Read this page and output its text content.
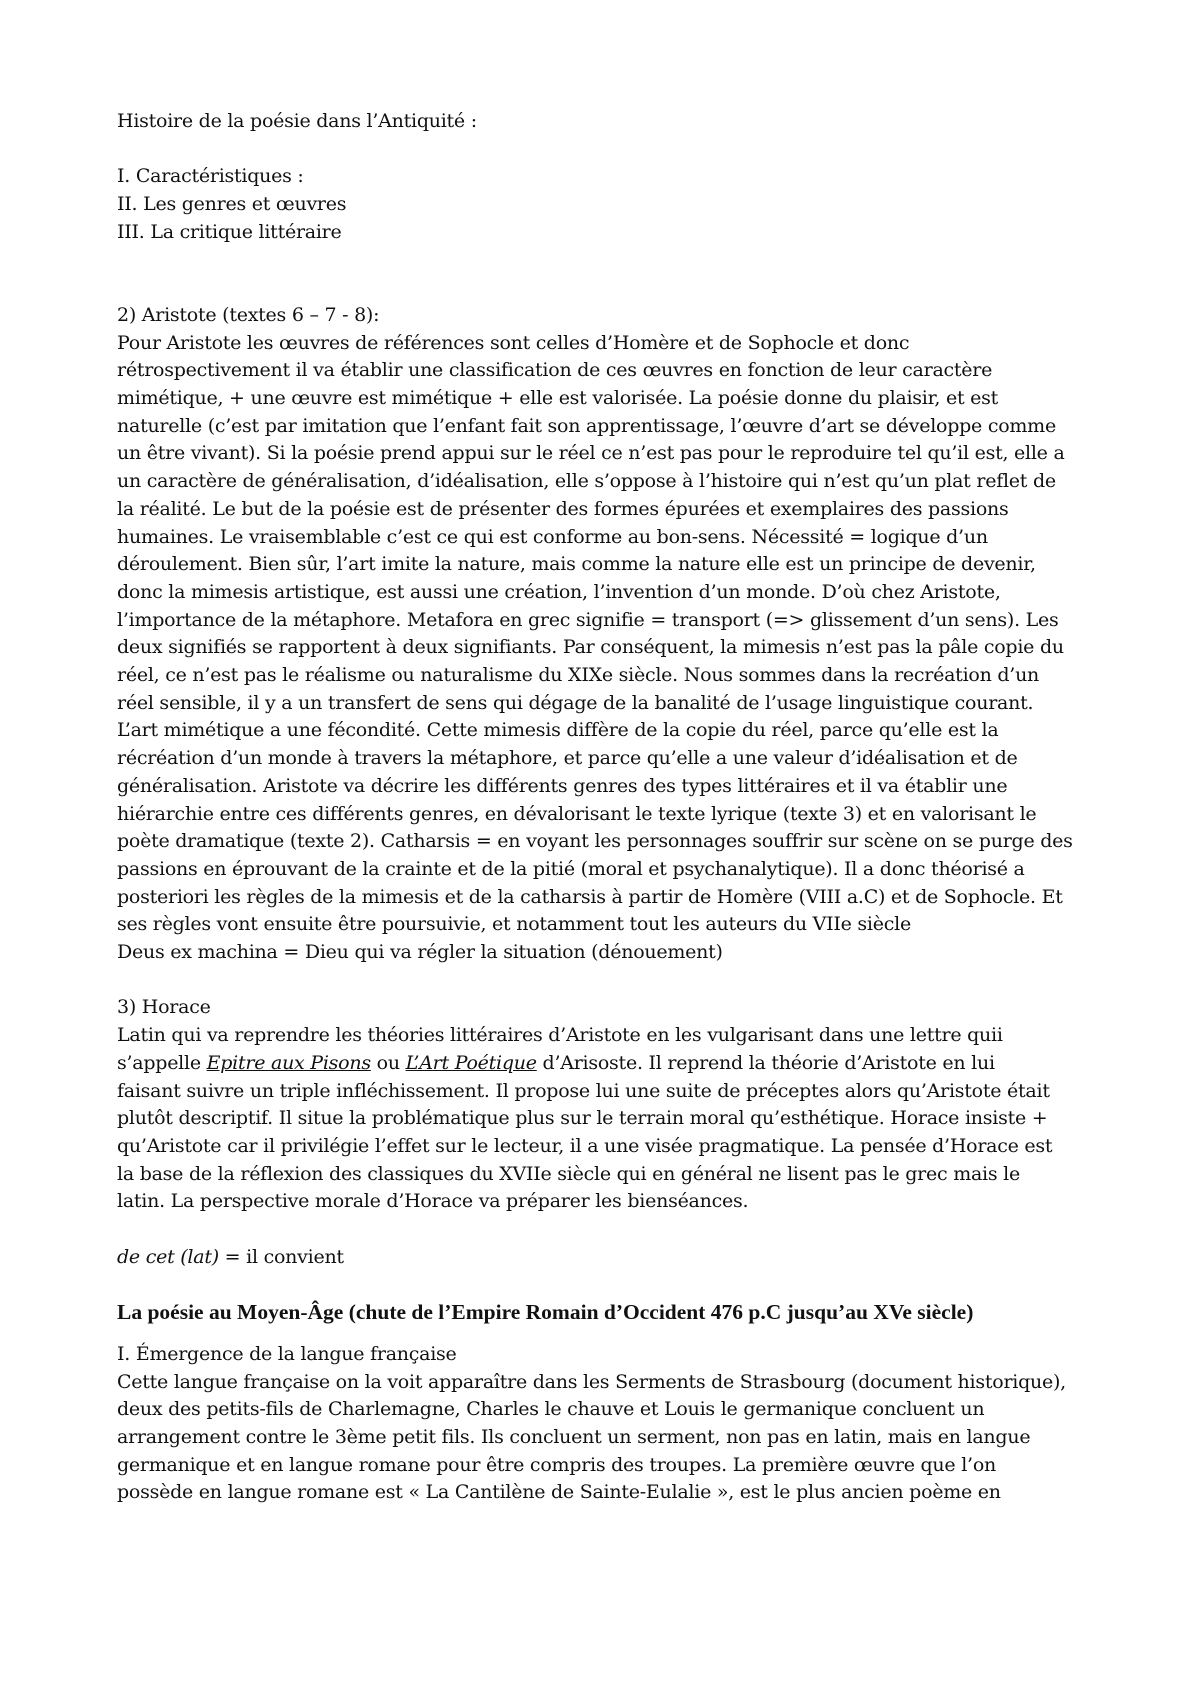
Histoire de la poésie dans l’Antiquité :
I. Caractéristiques :
II. Les genres et œuvres
III. La critique littéraire
2) Aristote (textes 6 – 7 - 8):
Pour Aristote les œuvres de références sont celles d’Homère et de Sophocle et donc
rétrospectivement il va établir une classification de ces œuvres en fonction de leur caractère
mimétique, + une œuvre est mimétique + elle est valorisée. La poésie donne du plaisir, et est
naturelle (c’est par imitation que l’enfant fait son apprentissage, l’œuvre d’art se développe comme
un être vivant). Si la poésie prend appui sur le réel ce n’est pas pour le reproduire tel qu’il est, elle a
un caractère de généralisation, d’idéalisation, elle s’oppose à l’histoire qui n’est qu’un plat reflet de
la réalité. Le but de la poésie est de présenter des formes épurées et exemplaires des passions
humaines. Le vraisemblable c’est ce qui est conforme au bon-sens. Nécessité = logique d’un
déroulement. Bien sûr, l’art imite la nature, mais comme la nature elle est un principe de devenir,
donc la mimesis artistique, est aussi une création, l’invention d’un monde. D’où chez Aristote,
l’importance de la métaphore. Metafora en grec signifie = transport (=> glissement d’un sens). Les
deux signifiés se rapportent à deux signifiants. Par conséquent, la mimesis n’est pas la pâle copie du
réel, ce n’est pas le réalisme ou naturalisme du XIXe siècle. Nous sommes dans la recréation d’un
réel sensible, il y a un transfert de sens qui dégage de la banalité de l’usage linguistique courant.
L’art mimétique a une fécondité. Cette mimesis diffère de la copie du réel, parce qu’elle est la
récréation d’un monde à travers la métaphore, et parce qu’elle a une valeur d’idéalisation et de
généralisation. Aristote va décrire les différents genres des types littéraires et il va établir une
hiérarchie entre ces différents genres, en dévalorisant le texte lyrique (texte 3) et en valorisant le
poète dramatique (texte 2). Catharsis = en voyant les personnages souffrir sur scène on se purge des
passions en éprouvant de la crainte et de la pitié (moral et psychanalytique). Il a donc théorisé a
posteriori les règles de la mimesis et de la catharsis à partir de Homère (VIII a.C) et de Sophocle. Et
ses règles vont ensuite être poursuivie, et notamment tout les auteurs du VIIe siècle
Deus ex machina = Dieu qui va régler la situation (dénouement)
3) Horace
Latin qui va reprendre les théories littéraires d’Aristote en les vulgarisant dans une lettre quii
s’appelle Epitre aux Pisons ou L’Art Poétique d’Arisoste. Il reprend la théorie d’Aristote en lui
faisant suivre un triple infléchissement. Il propose lui une suite de préceptes alors qu’Aristote était
plutôt descriptif. Il situe la problématique plus sur le terrain moral qu’esthétique. Horace insiste +
qu’Aristote car il privilégie l’effet sur le lecteur, il a une visée pragmatique. La pensée d’Horace est
la base de la réflexion des classiques du XVIIe siècle qui en général ne lisent pas le grec mais le
latin. La perspective morale d’Horace va préparer les bienséances.
de cet (lat) = il convient
La poésie au Moyen-Âge (chute de l’Empire Romain d’Occident 476 p.C jusqu’au XVe siècle)
I. Émergence de la langue française
Cette langue française on la voit apparaître dans les Serments de Strasbourg (document historique),
deux des petits-fils de Charlemagne, Charles le chauve et Louis le germanique concluent un
arrangement contre le 3ème petit fils. Ils concluent un serment, non pas en latin, mais en langue
germanique et en langue romane pour être compris des troupes. La première œuvre que l’on
possède en langue romane est « La Cantilène de Sainte-Eulalie », est le plus ancien poème en
